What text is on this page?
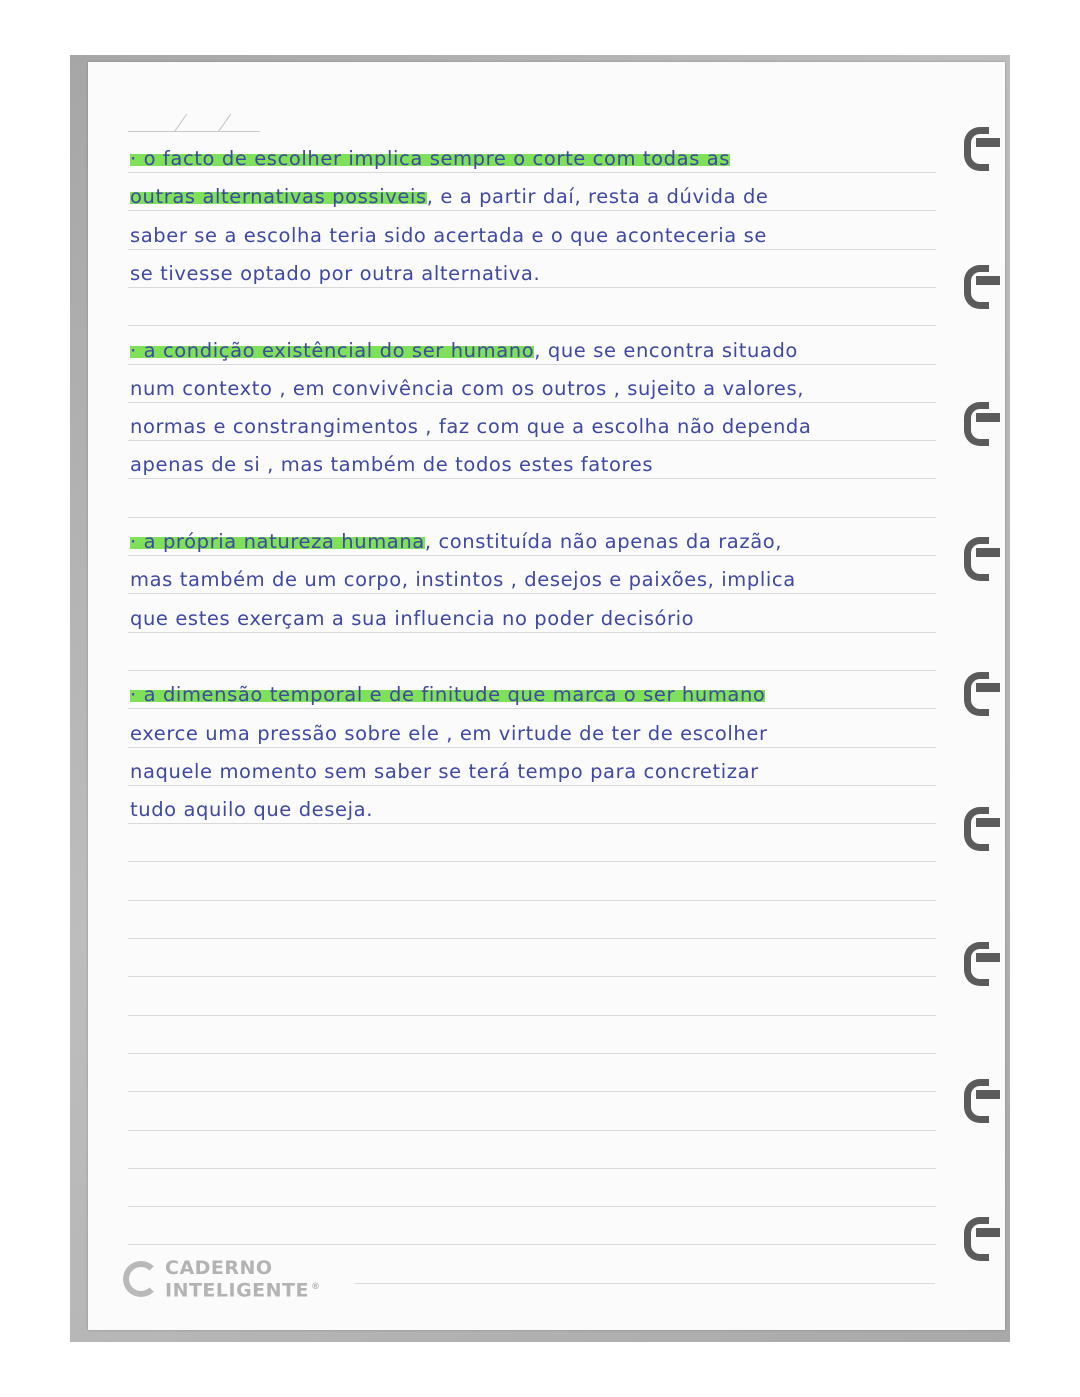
· o facto de escolher implica sempre o corte com todas as
outras alternativas possiveis, e a partir daí, resta a dúvida de
saber se a escolha teria sido acertada e o que aconteceria se
se tivesse optado por outra alternativa.
· a condição existêncial do ser humano, que se encontra situado
num contexto , em convivência com os outros , sujeito a valores,
normas e constrangimentos , faz com que a escolha não dependa
apenas de si , mas também de todos estes fatores
· a própria natureza humana, constituída não apenas da razão,
mas também de um corpo, instintos , desejos e paixões, implica
que estes exerçam a sua influencia no poder decisório
· a dimensão temporal e de finitude que marca o ser humano
exerce uma pressão sobre ele , em virtude de ter de escolher
naquele momento sem saber se terá tempo para concretizar
tudo aquilo que deseja.
CADERNO
INTELIGENTE ®
